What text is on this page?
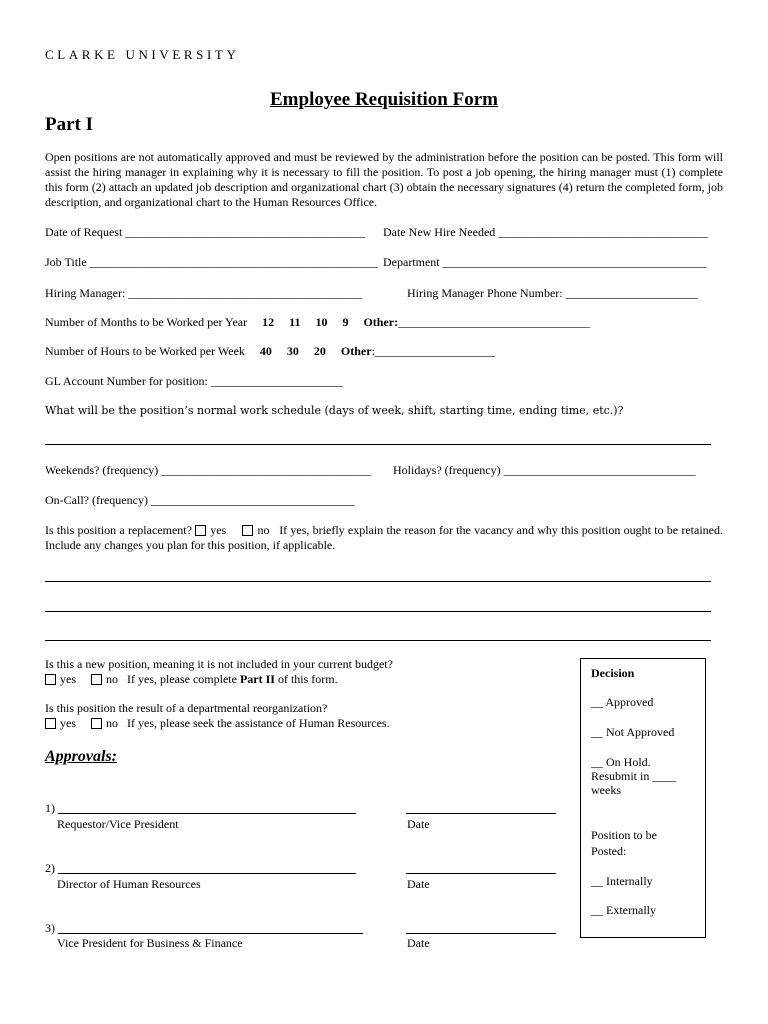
CLARKE UNIVERSITY
Employee Requisition Form
Part I
Open positions are not automatically approved and must be reviewed by the administration before the position can be posted. This form will assist the hiring manager in explaining why it is necessary to fill the position. To post a job opening, the hiring manager must (1) complete this form (2) attach an updated job description and organizational chart (3) obtain the necessary signatures (4) return the completed form, job description, and organizational chart to the Human Resources Office.
Date of Request ________________________________________ Date New Hire Needed ___________________________________
Job Title ________________________________________________ Department ____________________________________________
Hiring Manager: _______________________________________	Hiring Manager Phone Number: ______________________
Number of Months to be Worked per Year 12 11 10 9 Other:________________________________
Number of Hours to be Worked per Week 40 30 20 Other:____________________
GL Account Number for position: ______________________
What will be the position’s normal work schedule (days of week, shift, starting time, ending time, etc.)?
Weekends? (frequency) ___________________________________ Holidays? (frequency) ________________________________
On-Call? (frequency) __________________________________
Is this position a replacement? yes	no If yes, briefly explain the reason for the vacancy and why this position ought to be retained. Include any changes you plan for this position, if applicable.
Is this a new position, meaning it is not included in your current budget?
yes	no If yes, please complete Part II of this form.
Is this position the result of a departmental reorganization?
yes	no If yes, please seek the assistance of Human Resources.
Approvals:
1)
Requestor/Vice President	Date
2)
Director of Human Resources	Date
3)
Vice President for Business & Finance	Date
Decision
__ Approved
__ Not Approved
__ On Hold.
Resubmit in ____
weeks
Position to be
Posted:
__ Internally
__ Externally
